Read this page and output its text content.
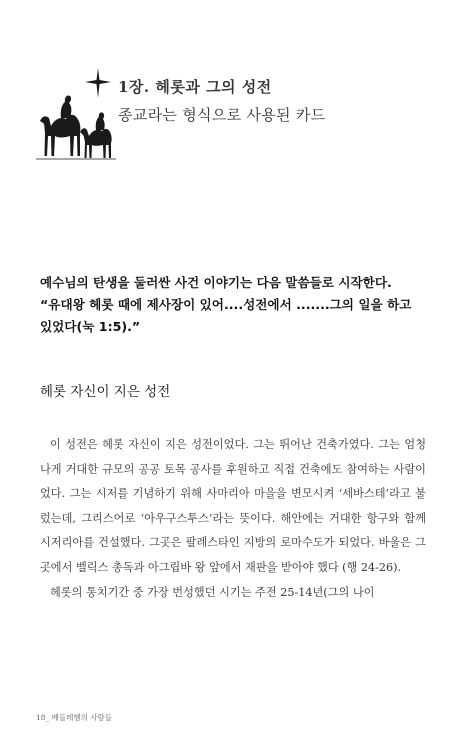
1장. 헤롯과 그의 성전
종교라는 형식으로 사용된 카드

예수님의 탄생을 둘러싼 사건 이야기는 다음 말씀들로 시작한다.

“유대왕 헤롯 때에 제사장이 있어....성전에서 .......그의 일을 하고

있었다(눅 1:5).”

헤롯 자신이 지은 성전

이 성전은 헤롯 자신이 지은 성전이었다. 그는 뛰어난 건축가였다. 그는 엄청나게 거대한 규모의 공공 토목 공사를 후원하고 직접 건축에도 참여하는 사람이었다. 그는 시저를 기념하기 위해 사마리아 마을을 변모시켜 ‘세바스테’라고 불렀는데, 그리스어로 ‘아우구스투스’라는 뜻이다. 해안에는 거대한 항구와 함께 시저리아를 건설했다. 그곳은 팔레스타인 지방의 로마수도가 되었다. 바울은 그곳에서 벨릭스 총독과 아그립바 왕 앞에서 재판을 받아야 했다 (행 24-26).

헤롯의 통치기간 중 가장 번성했던 시기는 주전 25-14년(그의 나이

18_ 베들레헴의 사람들
